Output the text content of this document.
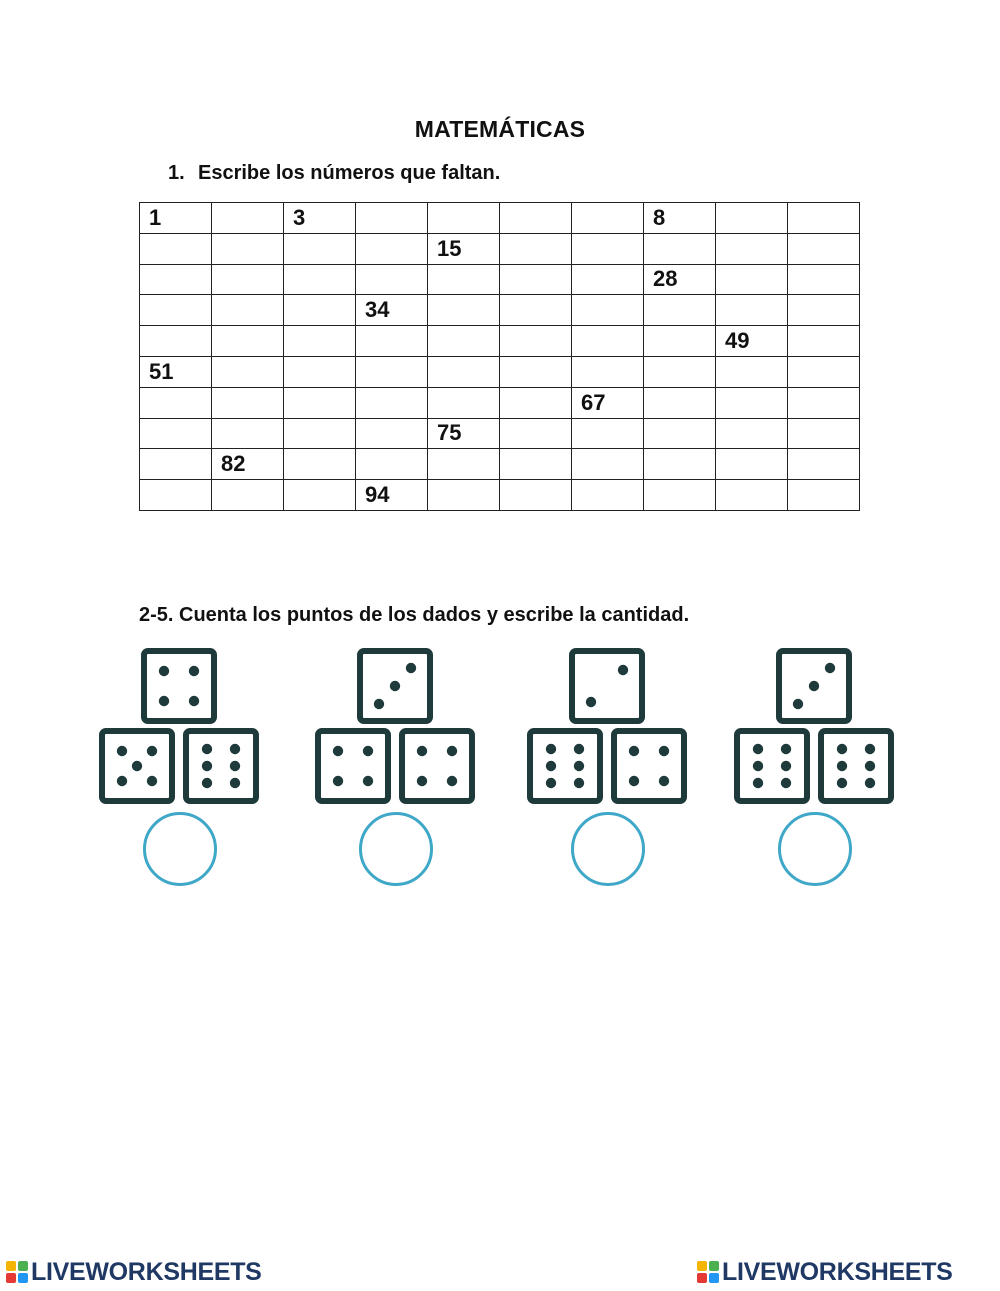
MATEMÁTICAS
1. Escribe los números que faltan.
1		3					8		
				15					
							28		
			34						
								49	
51									
						67			
				75					
	82								
			94						
2-5. Cuenta los puntos de los dados y escribe la cantidad.
LIVEWORKSHEETS	LIVEWORKSHEETS
